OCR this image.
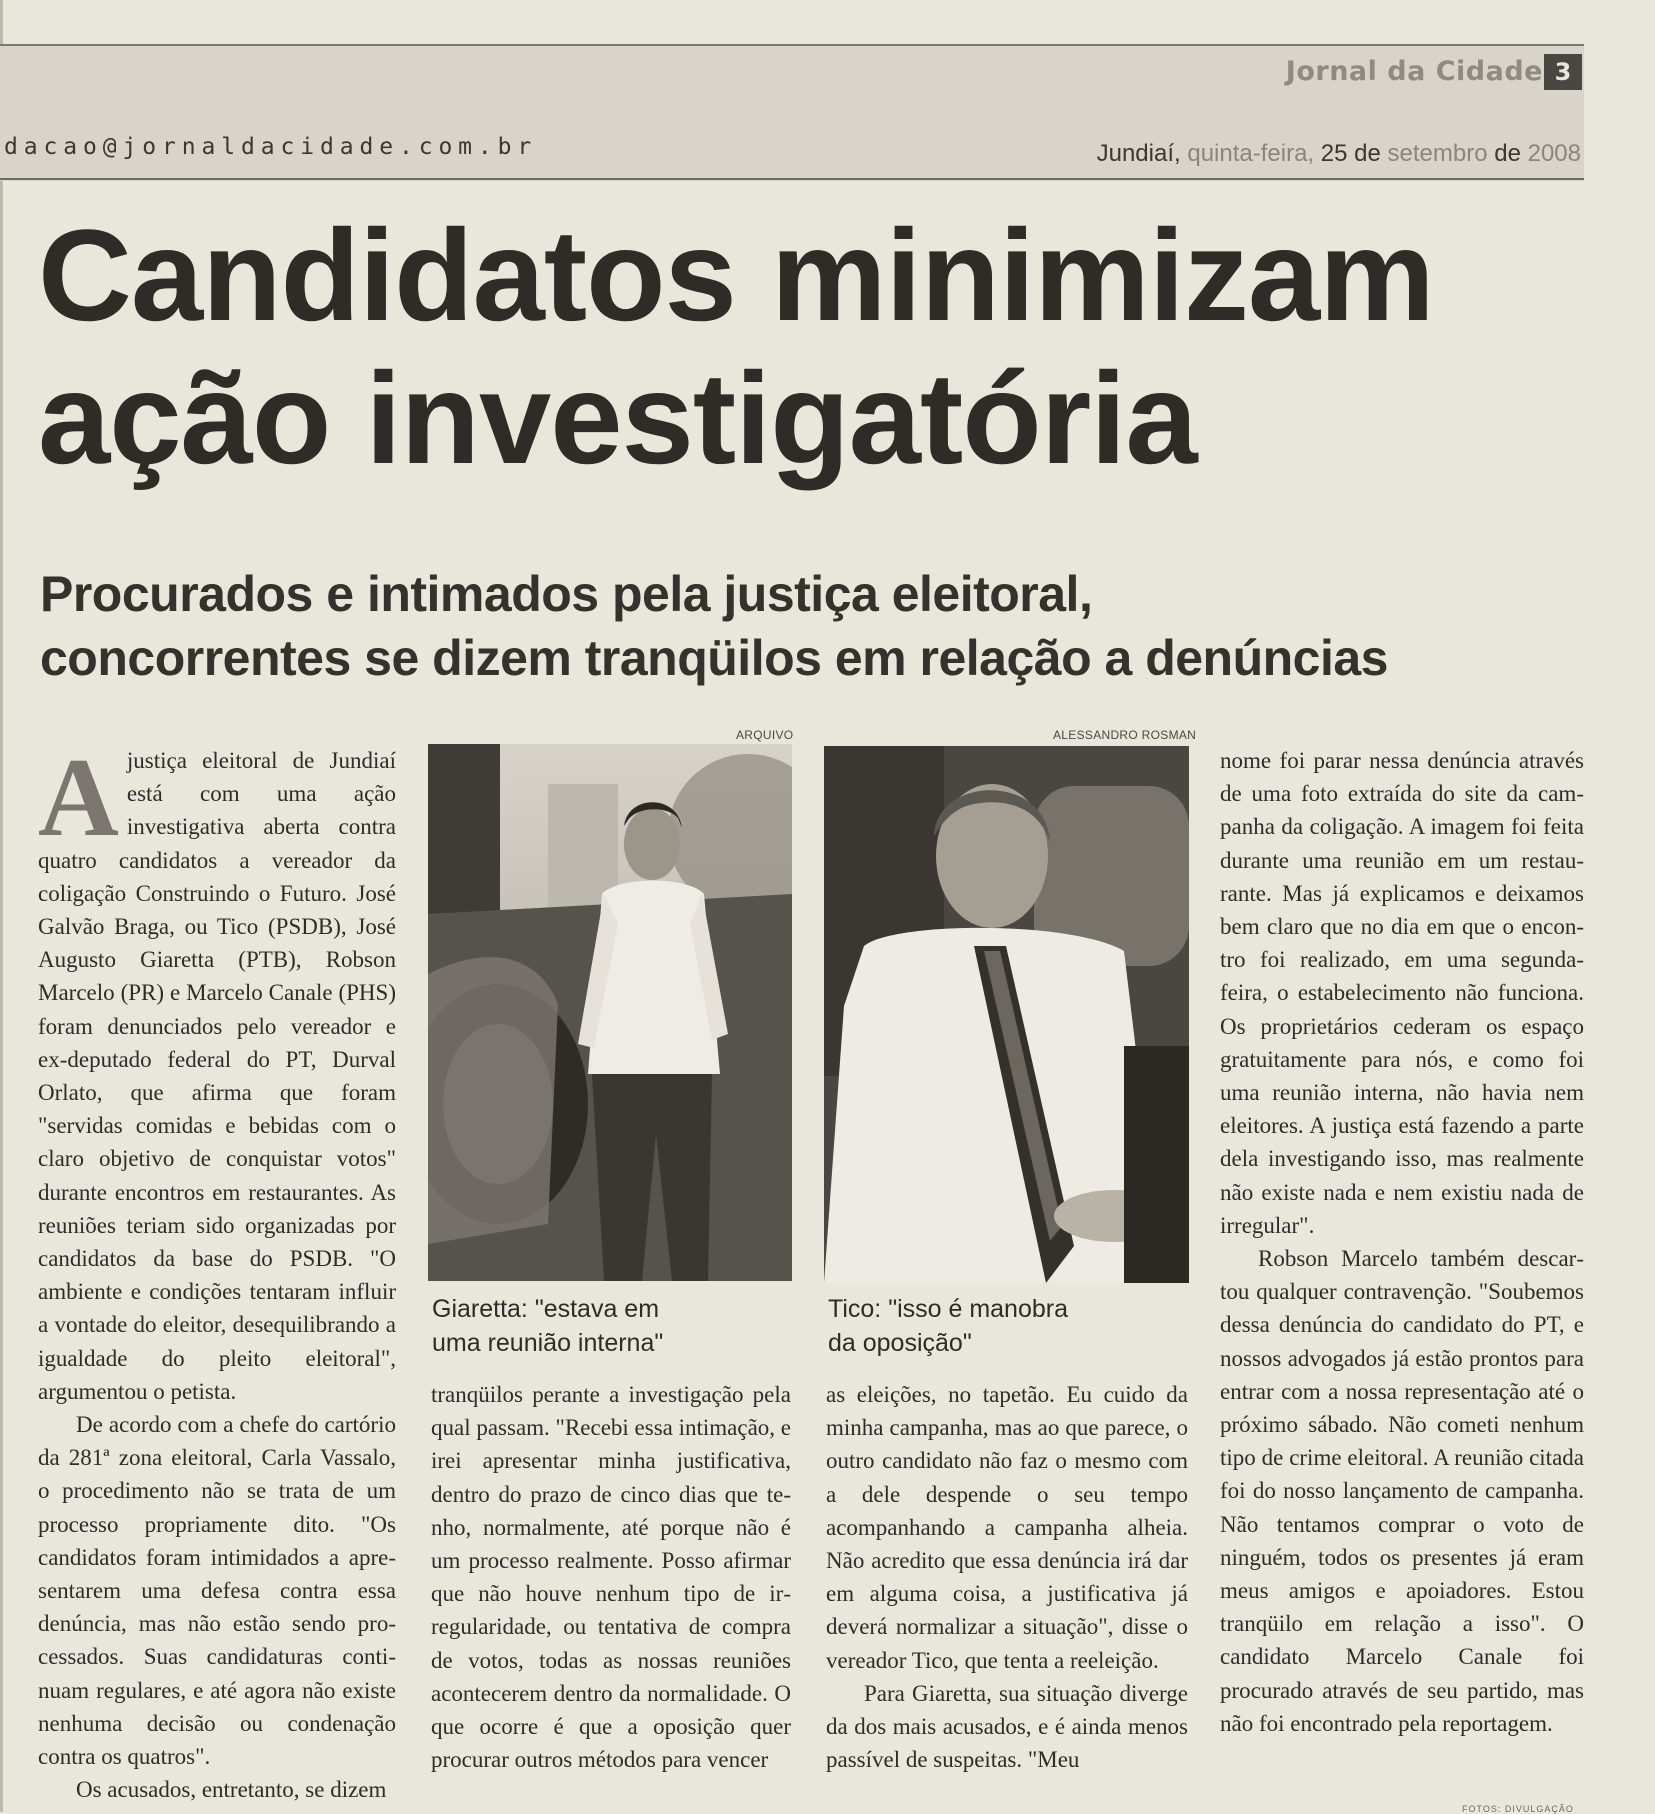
Jornal da Cidade 3
dacao@jornaldacidade.com.br	Jundiaí, quinta-feira, 25 de setembro de 2008
Candidatos minimizam
ação investigatória
Procurados e intimados pela justiça eleitoral,
concorrentes se dizem tranqüilos em relação a denúncias

Ajustiça eleitoral de Jundiaí está com uma ação investigativa aberta contra quatro candidatos a vereador da coligação Construindo o Futuro. José Galvão Braga, ou Tico (PSDB), José Augusto Giaretta (PTB), Robson Marcelo (PR) e Marcelo Canale (PHS) foram denunciados pelo vereador e ex-deputado federal do PT, Durval Orlato, que afirma que foram "servidas comidas e bebidas com o claro objetivo de conquistar votos" durante encontros em restaurantes. As reuniões teriam sido organizadas por candidatos da base do PSDB. "O ambiente e condições tentaram influir a vontade do eleitor, desequilibrando a igualdade do pleito eleitoral", argumentou o petista.

De acordo com a chefe do cartório da 281ª zona eleitoral, Carla Vassalo, o procedimento não se trata de um processo propriamente dito. "Os candidatos foram intimidados a apresentarem uma defesa contra essa denúncia, mas não estão sendo processados. Suas candidaturas continuam regulares, e até agora não existe nenhuma decisão ou condenação contra os quatros".

Os acusados, entretanto, se dizem

ARQUIVO
Giaretta: "estava em
uma reunião interna"
ALESSANDRO ROSMAN
Tico: "isso é manobra
da oposição"

tranqüilos perante a investigação pela qual passam. "Recebi essa intimação, e irei apresentar minha justificativa, dentro do prazo de cinco dias que tenho, normalmente, até porque não é um processo realmente. Posso afirmar que não houve nenhum tipo de irregularidade, ou tentativa de compra de votos, todas as nossas reuniões acontecerem dentro da normalidade. O que ocorre é que a oposição quer procurar outros métodos para vencer

as eleições, no tapetão. Eu cuido da minha campanha, mas ao que parece, o outro candidato não faz o mesmo com a dele despende o seu tempo acompanhando a campanha alheia. Não acredito que essa denúncia irá dar em alguma coisa, a justificativa já deverá normalizar a situação", disse o vereador Tico, que tenta a reeleição.

Para Giaretta, sua situação diverge da dos mais acusados, e é ainda menos passível de suspeitas. "Meu

nome foi parar nessa denúncia através de uma foto extraída do site da campanha da coligação. A imagem foi feita durante uma reunião em um restaurante. Mas já explicamos e deixamos bem claro que no dia em que o encontro foi realizado, em uma segunda-feira, o estabelecimento não funciona. Os proprietários cederam os espaço gratuitamente para nós, e como foi uma reunião interna, não havia nem eleitores. A justiça está fazendo a parte dela investigando isso, mas realmente não existe nada e nem existiu nada de irregular".

Robson Marcelo também descartou qualquer contravenção. "Soubemos dessa denúncia do candidato do PT, e nossos advogados já estão prontos para entrar com a nossa representação até o próximo sábado. Não cometi nenhum tipo de crime eleitoral. A reunião citada foi do nosso lançamento de campanha. Não tentamos comprar o voto de ninguém, todos os presentes já eram meus amigos e apoiadores. Estou tranqüilo em relação a isso". O candidato Marcelo Canale foi procurado através de seu partido, mas não foi encontrado pela reportagem.

FOTOS: DIVULGAÇÃO
